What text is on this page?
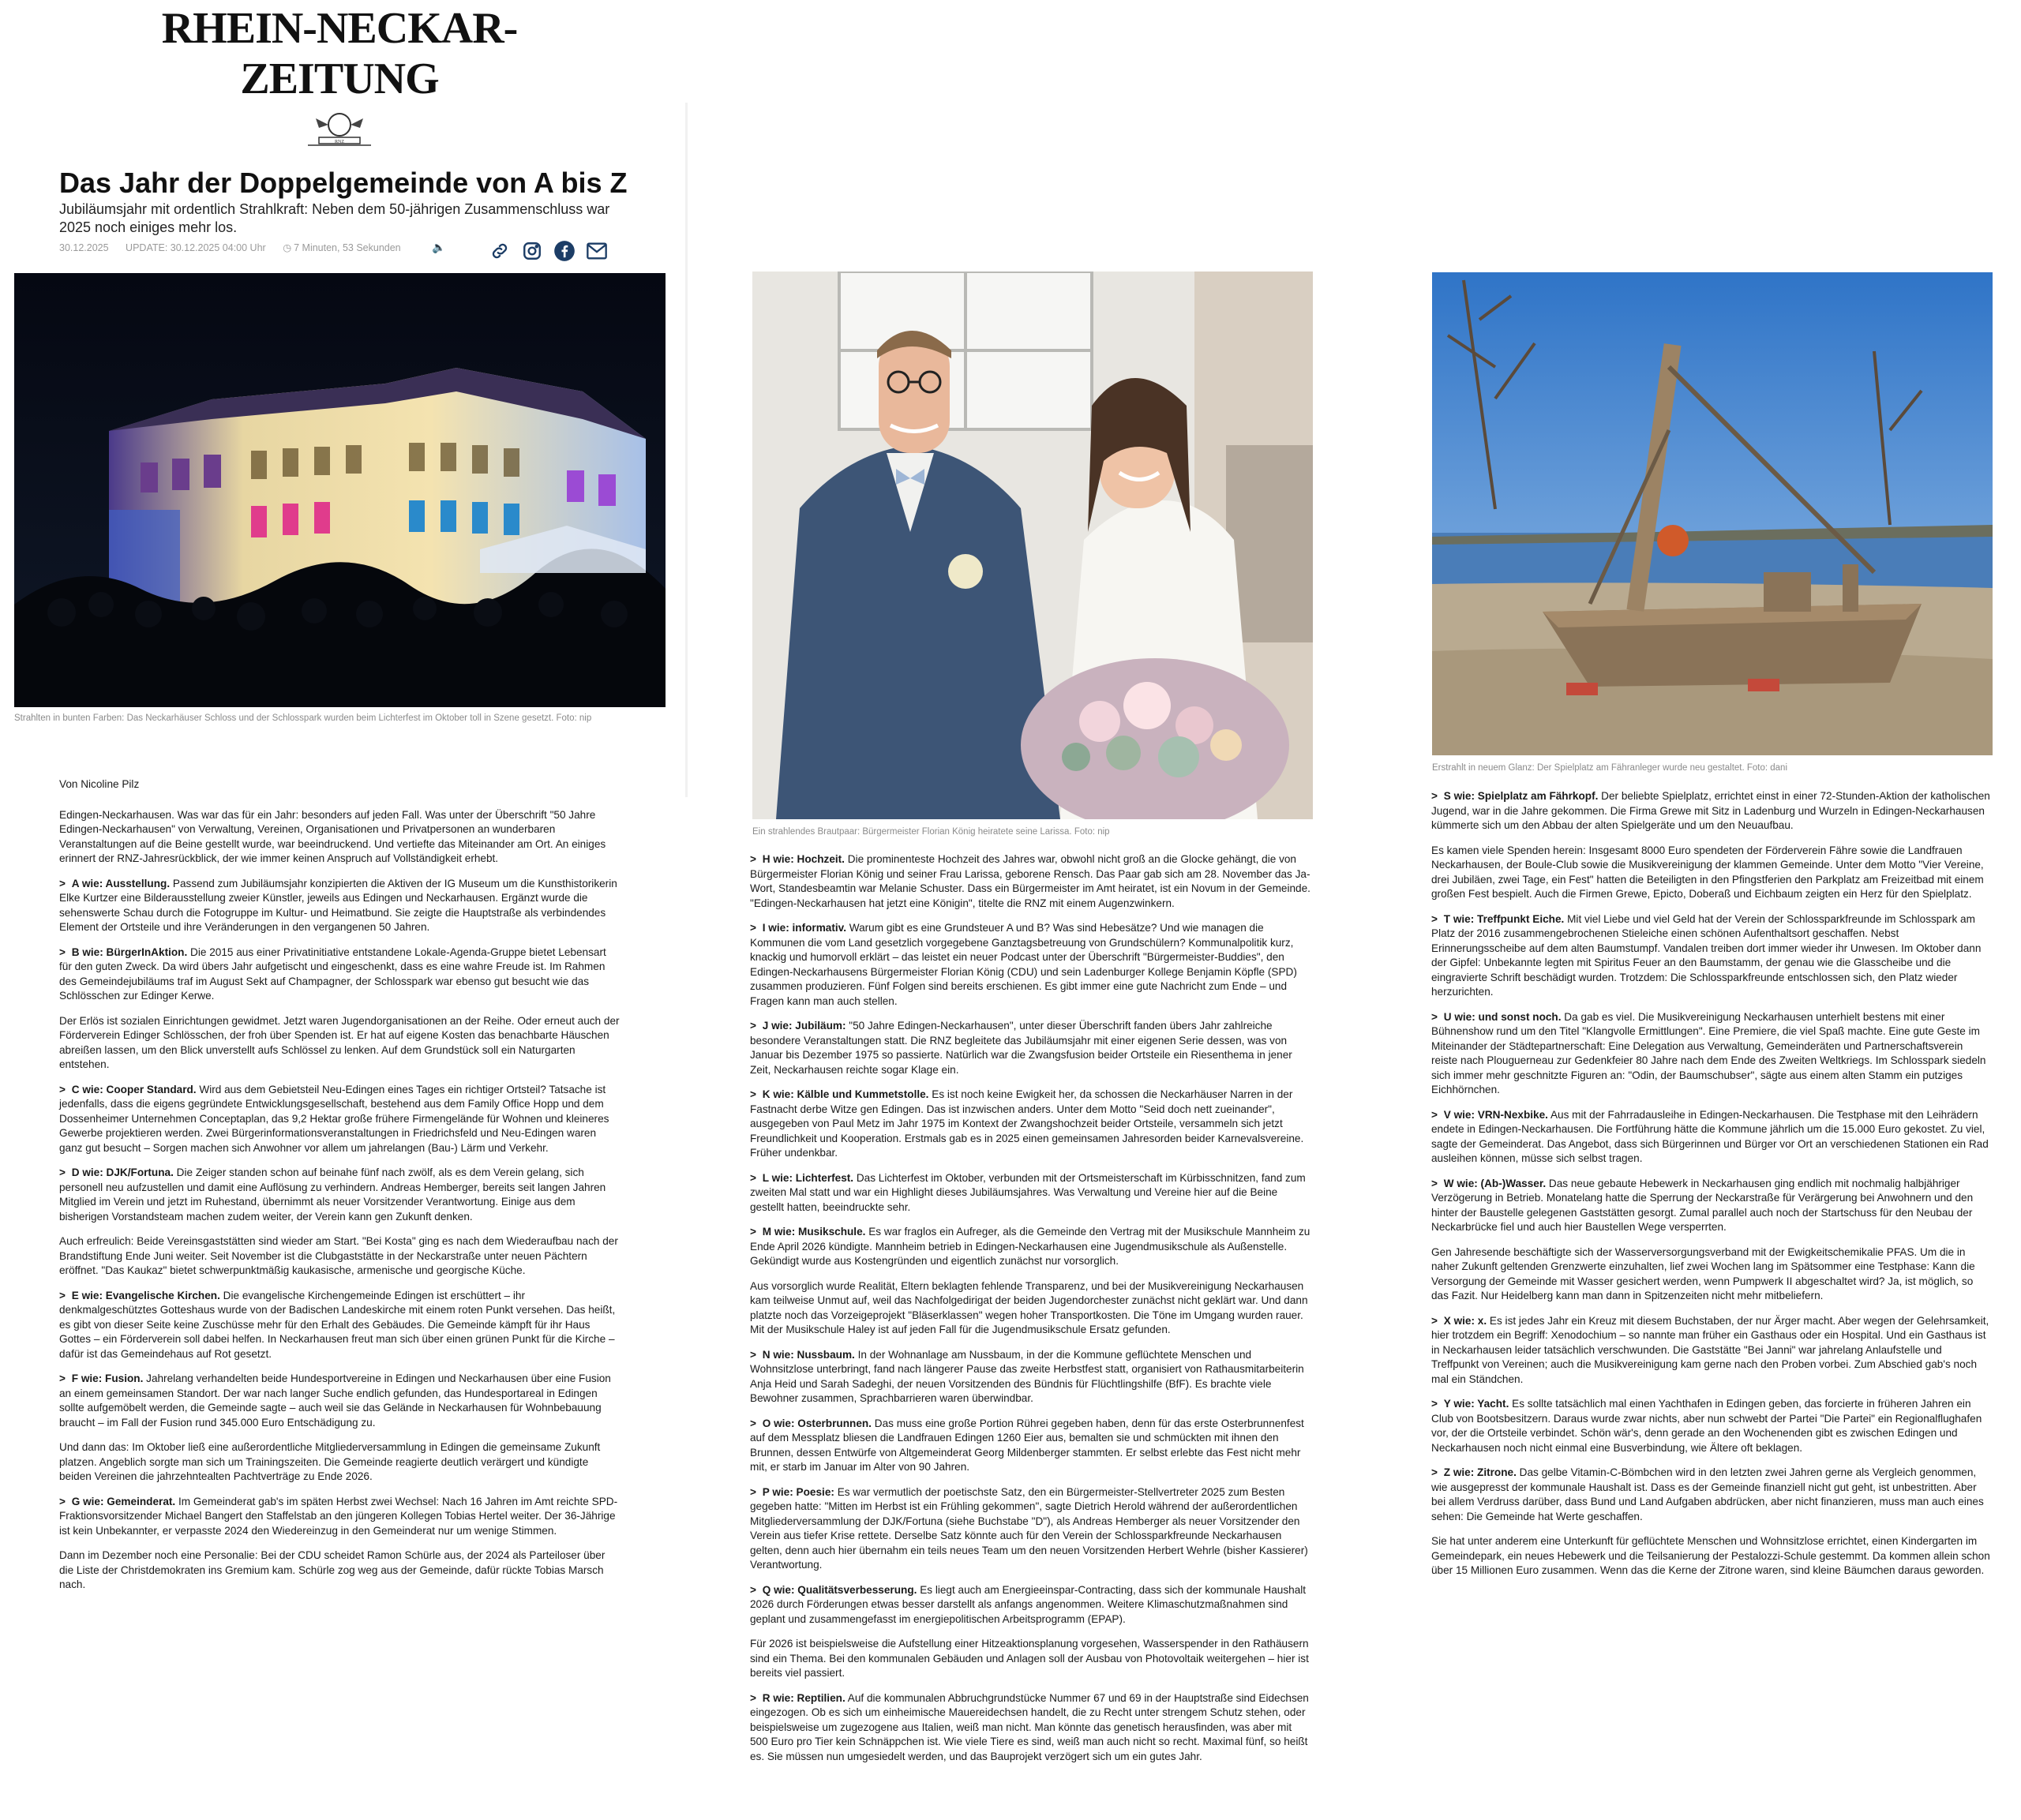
RHEIN-NECKAR-ZEITUNG
RNZ
Das Jahr der Doppelgemeinde von A bis Z
Jubiläumsjahr mit ordentlich Strahlkraft: Neben dem 50-jährigen Zusammenschluss war 2025 noch einiges mehr los.
30.12.2025 UPDATE: 30.12.2025 04:00 Uhr ◷ 7 Minuten, 53 Sekunden	🔈
Strahlten in bunten Farben: Das Neckarhäuser Schloss und der Schlosspark wurden beim Lichterfest im Oktober toll in Szene gesetzt. Foto: nip
Ein strahlendes Brautpaar: Bürgermeister Florian König heiratete seine Larissa. Foto: nip
Erstrahlt in neuem Glanz: Der Spielplatz am Fähranleger wurde neu gestaltet. Foto: dani

Von Nicoline Pilz

Edingen-Neckarhausen. Was war das für ein Jahr: besonders auf jeden Fall. Was unter der Überschrift "50 Jahre Edingen-Neckarhausen" von Verwaltung, Vereinen, Organisationen und Privatpersonen an wunderbaren Veranstaltungen auf die Beine gestellt wurde, war beeindruckend. Und vertiefte das Miteinander am Ort. An einiges erinnert der RNZ-Jahresrückblick, der wie immer keinen Anspruch auf Vollständigkeit erhebt.

> A wie: Ausstellung. Passend zum Jubiläumsjahr konzipierten die Aktiven der IG Museum um die Kunsthistorikerin Elke Kurtzer eine Bilderausstellung zweier Künstler, jeweils aus Edingen und Neckarhausen. Ergänzt wurde die sehenswerte Schau durch die Fotogruppe im Kultur- und Heimatbund. Sie zeigte die Hauptstraße als verbindendes Element der Ortsteile und ihre Veränderungen in den vergangenen 50 Jahren.

> B wie: BürgerInAktion. Die 2015 aus einer Privatinitiative entstandene Lokale-Agenda-Gruppe bietet Lebensart für den guten Zweck. Da wird übers Jahr aufgetischt und eingeschenkt, dass es eine wahre Freude ist. Im Rahmen des Gemeindejubiläums traf im August Sekt auf Champagner, der Schlosspark war ebenso gut besucht wie das Schlösschen zur Edinger Kerwe.

Der Erlös ist sozialen Einrichtungen gewidmet. Jetzt waren Jugendorganisationen an der Reihe. Oder erneut auch der Förderverein Edinger Schlösschen, der froh über Spenden ist. Er hat auf eigene Kosten das benachbarte Häuschen abreißen lassen, um den Blick unverstellt aufs Schlössel zu lenken. Auf dem Grundstück soll ein Naturgarten entstehen.

> C wie: Cooper Standard. Wird aus dem Gebietsteil Neu-Edingen eines Tages ein richtiger Ortsteil? Tatsache ist jedenfalls, dass die eigens gegründete Entwicklungsgesellschaft, bestehend aus dem Family Office Hopp und dem Dossenheimer Unternehmen Conceptaplan, das 9,2 Hektar große frühere Firmengelände für Wohnen und kleineres Gewerbe projektieren werden. Zwei Bürgerinformationsveranstaltungen in Friedrichsfeld und Neu-Edingen waren ganz gut besucht – Sorgen machen sich Anwohner vor allem um jahrelangen (Bau-) Lärm und Verkehr.

> D wie: DJK/Fortuna. Die Zeiger standen schon auf beinahe fünf nach zwölf, als es dem Verein gelang, sich personell neu aufzustellen und damit eine Auflösung zu verhindern. Andreas Hemberger, bereits seit langen Jahren Mitglied im Verein und jetzt im Ruhestand, übernimmt als neuer Vorsitzender Verantwortung. Einige aus dem bisherigen Vorstandsteam machen zudem weiter, der Verein kann gen Zukunft denken.

Auch erfreulich: Beide Vereinsgaststätten sind wieder am Start. "Bei Kosta" ging es nach dem Wiederaufbau nach der Brandstiftung Ende Juni weiter. Seit November ist die Clubgaststätte in der Neckarstraße unter neuen Pächtern eröffnet. "Das Kaukaz" bietet schwerpunktmäßig kaukasische, armenische und georgische Küche.

> E wie: Evangelische Kirchen. Die evangelische Kirchengemeinde Edingen ist erschüttert – ihr denkmalgeschütztes Gotteshaus wurde von der Badischen Landeskirche mit einem roten Punkt versehen. Das heißt, es gibt von dieser Seite keine Zuschüsse mehr für den Erhalt des Gebäudes. Die Gemeinde kämpft für ihr Haus Gottes – ein Förderverein soll dabei helfen. In Neckarhausen freut man sich über einen grünen Punkt für die Kirche – dafür ist das Gemeindehaus auf Rot gesetzt.

> F wie: Fusion. Jahrelang verhandelten beide Hundesportvereine in Edingen und Neckarhausen über eine Fusion an einem gemeinsamen Standort. Der war nach langer Suche endlich gefunden, das Hundesportareal in Edingen sollte aufgemöbelt werden, die Gemeinde sagte – auch weil sie das Gelände in Neckarhausen für Wohnbebauung braucht – im Fall der Fusion rund 345.000 Euro Entschädigung zu.

Und dann das: Im Oktober ließ eine außerordentliche Mitgliederversammlung in Edingen die gemeinsame Zukunft platzen. Angeblich sorgte man sich um Trainingszeiten. Die Gemeinde reagierte deutlich verärgert und kündigte beiden Vereinen die jahrzehntealten Pachtverträge zu Ende 2026.

> G wie: Gemeinderat. Im Gemeinderat gab's im späten Herbst zwei Wechsel: Nach 16 Jahren im Amt reichte SPD-Fraktionsvorsitzender Michael Bangert den Staffelstab an den jüngeren Kollegen Tobias Hertel weiter. Der 36-Jährige ist kein Unbekannter, er verpasste 2024 den Wiedereinzug in den Gemeinderat nur um wenige Stimmen.

Dann im Dezember noch eine Personalie: Bei der CDU scheidet Ramon Schürle aus, der 2024 als Parteiloser über die Liste der Christdemokraten ins Gremium kam. Schürle zog weg aus der Gemeinde, dafür rückte Tobias Marsch nach.

> H wie: Hochzeit. Die prominenteste Hochzeit des Jahres war, obwohl nicht groß an die Glocke gehängt, die von Bürgermeister Florian König und seiner Frau Larissa, geborene Rensch. Das Paar gab sich am 28. November das Ja-Wort, Standesbeamtin war Melanie Schuster. Dass ein Bürgermeister im Amt heiratet, ist ein Novum in der Gemeinde. "Edingen-Neckarhausen hat jetzt eine Königin", titelte die RNZ mit einem Augenzwinkern.

> I wie: informativ. Warum gibt es eine Grundsteuer A und B? Was sind Hebesätze? Und wie managen die Kommunen die vom Land gesetzlich vorgegebene Ganztagsbetreuung von Grundschülern? Kommunalpolitik kurz, knackig und humorvoll erklärt – das leistet ein neuer Podcast unter der Überschrift "Bürgermeister-Buddies", den Edingen-Neckarhausens Bürgermeister Florian König (CDU) und sein Ladenburger Kollege Benjamin Köpfle (SPD) zusammen produzieren. Fünf Folgen sind bereits erschienen. Es gibt immer eine gute Nachricht zum Ende – und Fragen kann man auch stellen.

> J wie: Jubiläum: "50 Jahre Edingen-Neckarhausen", unter dieser Überschrift fanden übers Jahr zahlreiche besondere Veranstaltungen statt. Die RNZ begleitete das Jubiläumsjahr mit einer eigenen Serie dessen, was von Januar bis Dezember 1975 so passierte. Natürlich war die Zwangsfusion beider Ortsteile ein Riesenthema in jener Zeit, Neckarhausen reichte sogar Klage ein.

> K wie: Kälble und Kummetstolle. Es ist noch keine Ewigkeit her, da schossen die Neckarhäuser Narren in der Fastnacht derbe Witze gen Edingen. Das ist inzwischen anders. Unter dem Motto "Seid doch nett zueinander", ausgegeben von Paul Metz im Jahr 1975 im Kontext der Zwangshochzeit beider Ortsteile, versammeln sich jetzt Freundlichkeit und Kooperation. Erstmals gab es in 2025 einen gemeinsamen Jahresorden beider Karnevalsvereine. Früher undenkbar.

> L wie: Lichterfest. Das Lichterfest im Oktober, verbunden mit der Ortsmeisterschaft im Kürbisschnitzen, fand zum zweiten Mal statt und war ein Highlight dieses Jubiläumsjahres. Was Verwaltung und Vereine hier auf die Beine gestellt hatten, beeindruckte sehr.

> M wie: Musikschule. Es war fraglos ein Aufreger, als die Gemeinde den Vertrag mit der Musikschule Mannheim zu Ende April 2026 kündigte. Mannheim betrieb in Edingen-Neckarhausen eine Jugendmusikschule als Außenstelle. Gekündigt wurde aus Kostengründen und eigentlich zunächst nur vorsorglich.

Aus vorsorglich wurde Realität, Eltern beklagten fehlende Transparenz, und bei der Musikvereinigung Neckarhausen kam teilweise Unmut auf, weil das Nachfolgedirigat der beiden Jugendorchester zunächst nicht geklärt war. Und dann platzte noch das Vorzeigeprojekt "Bläserklassen" wegen hoher Transportkosten. Die Töne im Umgang wurden rauer. Mit der Musikschule Haley ist auf jeden Fall für die Jugendmusikschule Ersatz gefunden.

> N wie: Nussbaum. In der Wohnanlage am Nussbaum, in der die Kommune geflüchtete Menschen und Wohnsitzlose unterbringt, fand nach längerer Pause das zweite Herbstfest statt, organisiert von Rathausmitarbeiterin Anja Heid und Sarah Sadeghi, der neuen Vorsitzenden des Bündnis für Flüchtlingshilfe (BfF). Es brachte viele Bewohner zusammen, Sprachbarrieren waren überwindbar.

> O wie: Osterbrunnen. Das muss eine große Portion Rührei gegeben haben, denn für das erste Osterbrunnenfest auf dem Messplatz bliesen die Landfrauen Edingen 1260 Eier aus, bemalten sie und schmückten mit ihnen den Brunnen, dessen Entwürfe von Altgemeinderat Georg Mildenberger stammten. Er selbst erlebte das Fest nicht mehr mit, er starb im Januar im Alter von 90 Jahren.

> P wie: Poesie: Es war vermutlich der poetischste Satz, den ein Bürgermeister-Stellvertreter 2025 zum Besten gegeben hatte: "Mitten im Herbst ist ein Frühling gekommen", sagte Dietrich Herold während der außerordentlichen Mitgliederversammlung der DJK/Fortuna (siehe Buchstabe "D"), als Andreas Hemberger als neuer Vorsitzender den Verein aus tiefer Krise rettete. Derselbe Satz könnte auch für den Verein der Schlossparkfreunde Neckarhausen gelten, denn auch hier übernahm ein teils neues Team um den neuen Vorsitzenden Herbert Wehrle (bisher Kassierer) Verantwortung.

> Q wie: Qualitätsverbesserung. Es liegt auch am Energieeinspar-Contracting, dass sich der kommunale Haushalt 2026 durch Förderungen etwas besser darstellt als anfangs angenommen. Weitere Klimaschutzmaßnahmen sind geplant und zusammengefasst im energiepolitischen Arbeitsprogramm (EPAP).

Für 2026 ist beispielsweise die Aufstellung einer Hitzeaktionsplanung vorgesehen, Wasserspender in den Rathäusern sind ein Thema. Bei den kommunalen Gebäuden und Anlagen soll der Ausbau von Photovoltaik weitergehen – hier ist bereits viel passiert.

> R wie: Reptilien. Auf die kommunalen Abbruchgrundstücke Nummer 67 und 69 in der Hauptstraße sind Eidechsen eingezogen. Ob es sich um einheimische Mauereidechsen handelt, die zu Recht unter strengem Schutz stehen, oder beispielsweise um zugezogene aus Italien, weiß man nicht. Man könnte das genetisch herausfinden, was aber mit 500 Euro pro Tier kein Schnäppchen ist. Wie viele Tiere es sind, weiß man auch nicht so recht. Maximal fünf, so heißt es. Sie müssen nun umgesiedelt werden, und das Bauprojekt verzögert sich um ein gutes Jahr.

> S wie: Spielplatz am Fährkopf. Der beliebte Spielplatz, errichtet einst in einer 72-Stunden-Aktion der katholischen Jugend, war in die Jahre gekommen. Die Firma Grewe mit Sitz in Ladenburg und Wurzeln in Edingen-Neckarhausen kümmerte sich um den Abbau der alten Spielgeräte und um den Neuaufbau.

Es kamen viele Spenden herein: Insgesamt 8000 Euro spendeten der Förderverein Fähre sowie die Landfrauen Neckarhausen, der Boule-Club sowie die Musikvereinigung der klammen Gemeinde. Unter dem Motto "Vier Vereine, drei Jubiläen, zwei Tage, ein Fest" hatten die Beteiligten in den Pfingstferien den Parkplatz am Freizeitbad mit einem großen Fest bespielt. Auch die Firmen Grewe, Epicto, Doberaß und Eichbaum zeigten ein Herz für den Spielplatz.

> T wie: Treffpunkt Eiche. Mit viel Liebe und viel Geld hat der Verein der Schlossparkfreunde im Schlosspark am Platz der 2016 zusammengebrochenen Stieleiche einen schönen Aufenthaltsort geschaffen. Nebst Erinnerungsscheibe auf dem alten Baumstumpf. Vandalen treiben dort immer wieder ihr Unwesen. Im Oktober dann der Gipfel: Unbekannte legten mit Spiritus Feuer an den Baumstamm, der genau wie die Glasscheibe und die eingravierte Schrift beschädigt wurden. Trotzdem: Die Schlossparkfreunde entschlossen sich, den Platz wieder herzurichten.

> U wie: und sonst noch. Da gab es viel. Die Musikvereinigung Neckarhausen unterhielt bestens mit einer Bühnenshow rund um den Titel "Klangvolle Ermittlungen". Eine Premiere, die viel Spaß machte. Eine gute Geste im Miteinander der Städtepartnerschaft: Eine Delegation aus Verwaltung, Gemeinderäten und Partnerschaftsverein reiste nach Plouguerneau zur Gedenkfeier 80 Jahre nach dem Ende des Zweiten Weltkriegs. Im Schlosspark siedeln sich immer mehr geschnitzte Figuren an: "Odin, der Baumschubser", sägte aus einem alten Stamm ein putziges Eichhörnchen.

> V wie: VRN-Nexbike. Aus mit der Fahrradausleihe in Edingen-Neckarhausen. Die Testphase mit den Leihrädern endete in Edingen-Neckarhausen. Die Fortführung hätte die Kommune jährlich um die 15.000 Euro gekostet. Zu viel, sagte der Gemeinderat. Das Angebot, dass sich Bürgerinnen und Bürger vor Ort an verschiedenen Stationen ein Rad ausleihen können, müsse sich selbst tragen.

> W wie: (Ab-)Wasser. Das neue gebaute Hebewerk in Neckarhausen ging endlich mit nochmalig halbjähriger Verzögerung in Betrieb. Monatelang hatte die Sperrung der Neckarstraße für Verärgerung bei Anwohnern und den hinter der Baustelle gelegenen Gaststätten gesorgt. Zumal parallel auch noch der Startschuss für den Neubau der Neckarbrücke fiel und auch hier Baustellen Wege versperrten.

Gen Jahresende beschäftigte sich der Wasserversorgungsverband mit der Ewigkeitschemikalie PFAS. Um die in naher Zukunft geltenden Grenzwerte einzuhalten, lief zwei Wochen lang im Spätsommer eine Testphase: Kann die Versorgung der Gemeinde mit Wasser gesichert werden, wenn Pumpwerk II abgeschaltet wird? Ja, ist möglich, so das Fazit. Nur Heidelberg kann man dann in Spitzenzeiten nicht mehr mitbeliefern.

> X wie: x. Es ist jedes Jahr ein Kreuz mit diesem Buchstaben, der nur Ärger macht. Aber wegen der Gelehrsamkeit, hier trotzdem ein Begriff: Xenodochium – so nannte man früher ein Gasthaus oder ein Hospital. Und ein Gasthaus ist in Neckarhausen leider tatsächlich verschwunden. Die Gaststätte "Bei Janni" war jahrelang Anlaufstelle und Treffpunkt von Vereinen; auch die Musikvereinigung kam gerne nach den Proben vorbei. Zum Abschied gab's noch mal ein Ständchen.

> Y wie: Yacht. Es sollte tatsächlich mal einen Yachthafen in Edingen geben, das forcierte in früheren Jahren ein Club von Bootsbesitzern. Daraus wurde zwar nichts, aber nun schwebt der Partei "Die Partei" ein Regionalflughafen vor, der die Ortsteile verbindet. Schön wär's, denn gerade an den Wochenenden gibt es zwischen Edingen und Neckarhausen noch nicht einmal eine Busverbindung, wie Ältere oft beklagen.

> Z wie: Zitrone. Das gelbe Vitamin-C-Bömbchen wird in den letzten zwei Jahren gerne als Vergleich genommen, wie ausgepresst der kommunale Haushalt ist. Dass es der Gemeinde finanziell nicht gut geht, ist unbestritten. Aber bei allem Verdruss darüber, dass Bund und Land Aufgaben abdrücken, aber nicht finanzieren, muss man auch eines sehen: Die Gemeinde hat Werte geschaffen.

Sie hat unter anderem eine Unterkunft für geflüchtete Menschen und Wohnsitzlose errichtet, einen Kindergarten im Gemeindepark, ein neues Hebewerk und die Teilsanierung der Pestalozzi-Schule gestemmt. Da kommen allein schon über 15 Millionen Euro zusammen. Wenn das die Kerne der Zitrone waren, sind kleine Bäumchen daraus geworden.
